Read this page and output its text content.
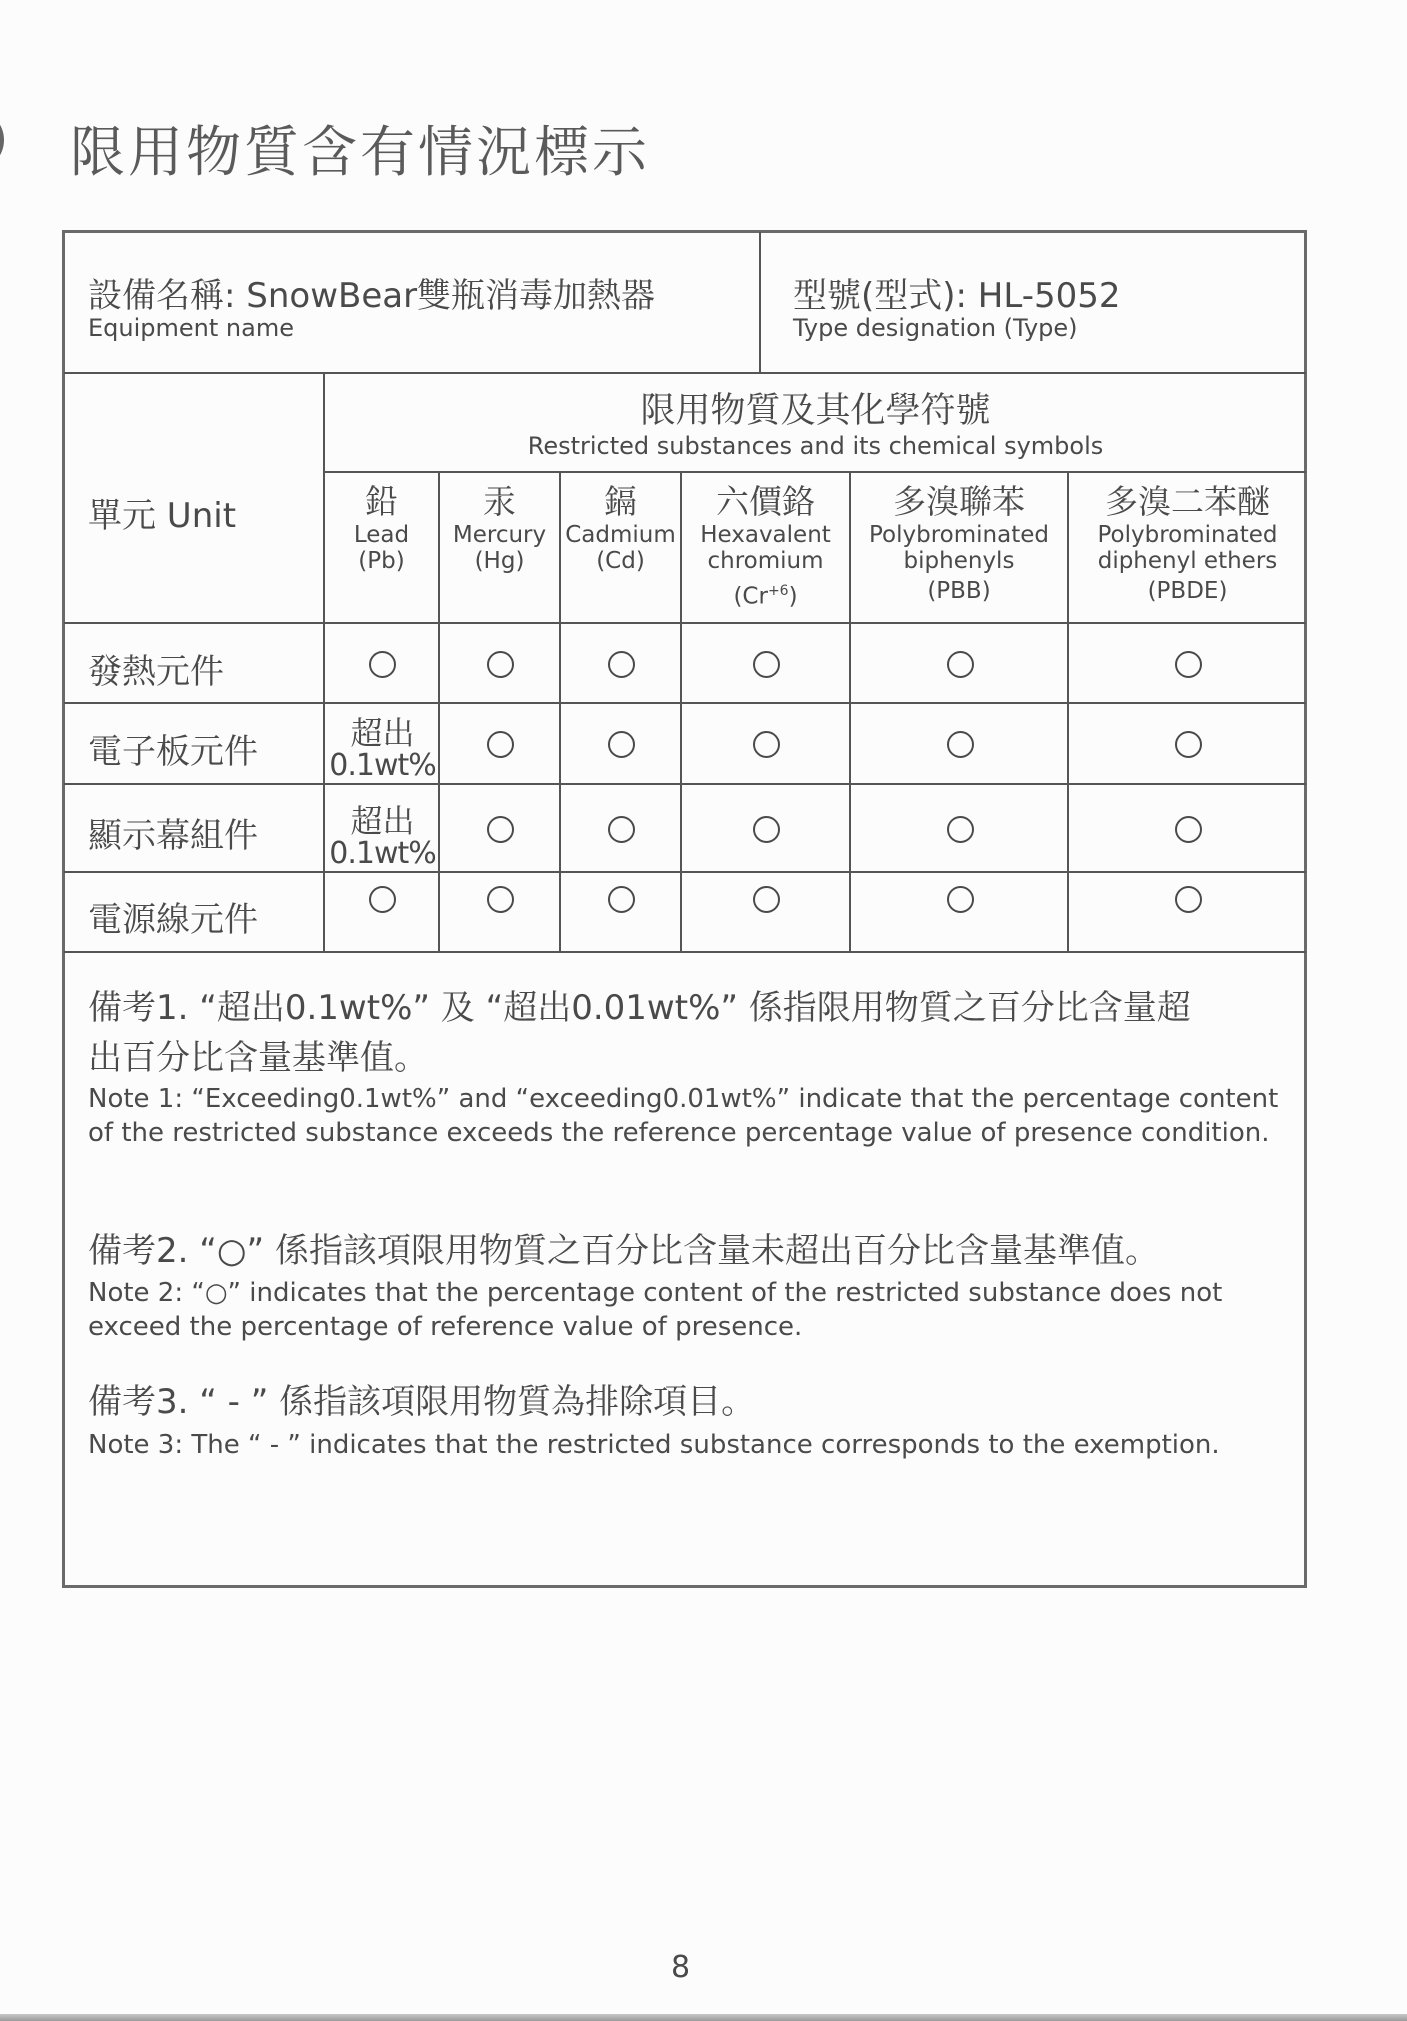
限用物質含有情況標示
設備名稱: SnowBear雙瓶消毒加熱器
Equipment name
型號(型式): HL-5052
Type designation (Type)
單元 Unit
限用物質及其化學符號
Restricted substances and its chemical symbols
鉛
Lead
(Pb)
汞
Mercury
(Hg)
鎘
Cadmium
(Cd)
六價鉻
Hexavalent chromium
$(Cr^{+6})$
多溴聯苯
Polybrominated biphenyls
(PBB)
多溴二苯醚
Polybrominated diphenyl ethers
(PBDE)
發熱元件
電子板元件
顯示幕組件
電源線元件
超出
0.1wt%
超出
0.1wt%
備考1. “超出0.1wt%” 及 “超出0.01wt%” 係指限用物質之百分比含量超
出百分比含量基準值。
Note 1: “Exceeding0.1wt%” and “exceeding0.01wt%” indicate that the percentage content of the restricted substance exceeds the reference percentage value of presence condition.
備考2. “○” 係指該項限用物質之百分比含量未超出百分比含量基準值。
Note 2: “○” indicates that the percentage content of the restricted substance does not exceed the percentage of reference value of presence.
備考3. “ - ” 係指該項限用物質為排除項目。
Note 3: The “ - ” indicates that the restricted substance corresponds to the exemption.
8
